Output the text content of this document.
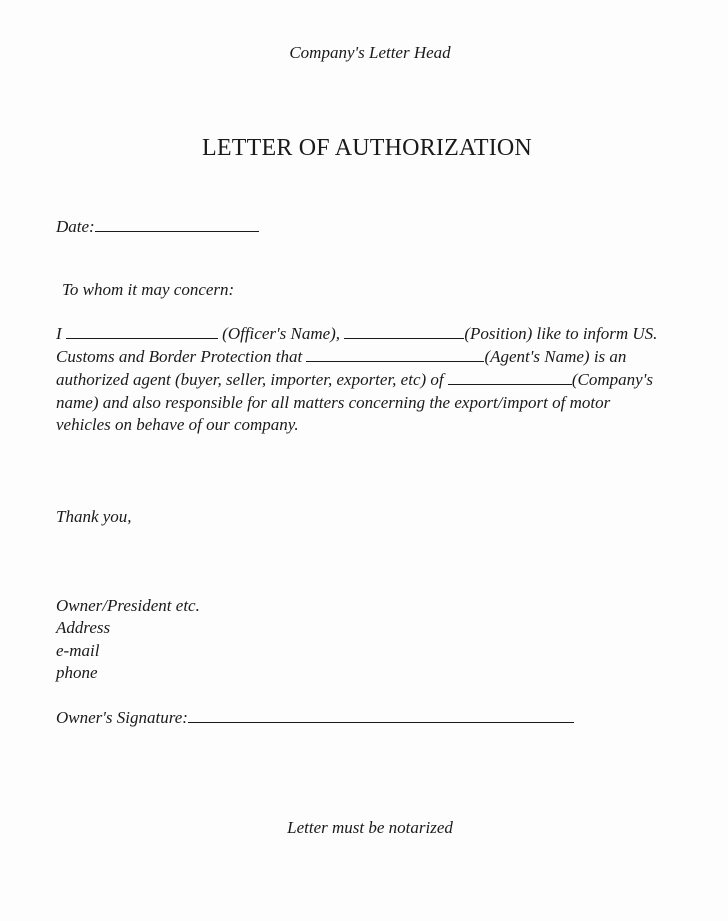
Company's Letter Head
LETTER OF AUTHORIZATION
Date:
To whom it may concern:
I	(Officer's Name),	(Position) like to inform US.
Customs and Border Protection that	(Agent's Name) is an
authorized agent (buyer, seller, importer, exporter, etc) of	(Company's
name) and also responsible for all matters concerning the export/import of motor
vehicles on behave of our company.
Thank you,
Owner/President etc.
Address
e-mail
phone
Owner's Signature:
Letter must be notarized
